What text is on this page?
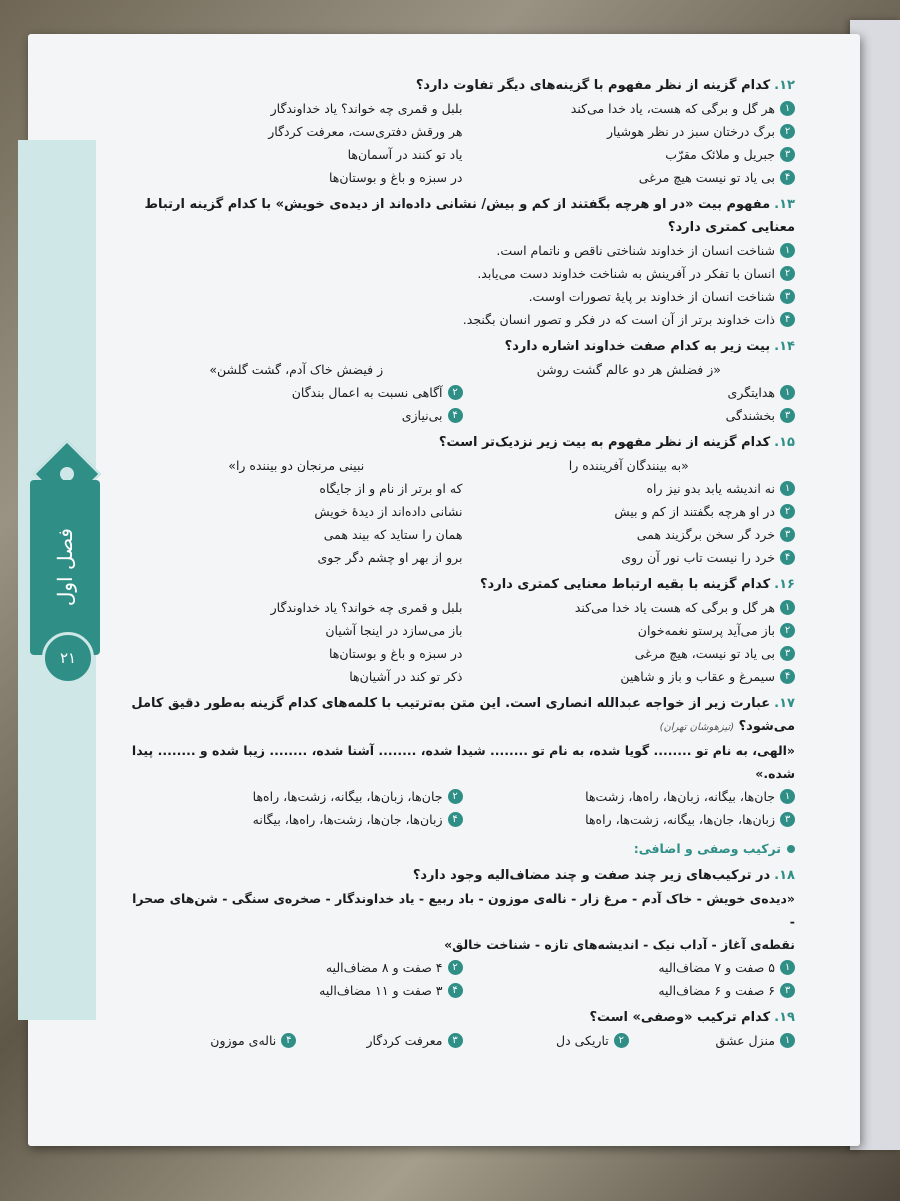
فصل اول
۲۱
۱۲.کدام گزینه از نظر مفهوم با گزینه‌های دیگر تفاوت دارد؟
۱
هر گل و برگی که هست، یاد خدا می‌کند
بلبل و قمری چه خواند؟ یاد خداوندگار
۲
برگ درختان سبز در نظر هوشیار
هر ورقش دفتری‌ست، معرفت کردگار
۳
جبریل و ملائک مقرّب
یاد تو کنند در آسمان‌ها
۴
بی یاد تو نیست هیچ مرغی
در سبزه و باغ و بوستان‌ها
۱۳.مفهوم بیت «در او هرچه بگفتند از کم و بیش/ نشانی داده‌اند از دیده‌ی خویش» با کدام گزینه ارتباط معنایی کمتری دارد؟
۱
شناخت انسان از خداوند شناختی ناقص و ناتمام است.
۲
انسان با تفکر در آفرینش به شناخت خداوند دست می‌یابد.
۳
شناخت انسان از خداوند بر پایهٔ تصورات اوست.
۴
ذات خداوند برتر از آن است که در فکر و تصور انسان بگنجد.
۱۴.بیت زیر به کدام صفت خداوند اشاره دارد؟
«ز فضلش هر دو عالم گشت روشن
ز فیضش خاک آدم، گشت گلشن»
۱
هدایتگری
۲
آگاهی نسبت به اعمال بندگان
۳
بخشندگی
۴
بی‌نیازی
۱۵.کدام گزینه از نظر مفهوم به بیت زیر نزدیک‌تر است؟
«به بینندگان آفریننده را
نبینی مرنجان دو بیننده را»
۱
نه اندیشه یابد بدو نیز راه
که او برتر از نام و از جایگاه
۲
در او هرچه بگفتند از کم و بیش
نشانی داده‌اند از دیدهٔ خویش
۳
خرد گر سخن برگزیند همی
همان را ستاید که بیند همی
۴
خرد را نیست تاب نور آن روی
برو از بهر او چشم دگر جوی
۱۶.کدام گزینه با بقیه ارتباط معنایی کمتری دارد؟
۱
هر گل و برگی که هست یاد خدا می‌کند
بلبل و قمری چه خواند؟ یاد خداوندگار
۲
باز می‌آید پرستو نغمه‌خوان
باز می‌سازد در اینجا آشیان
۳
بی یاد تو نیست، هیچ مرغی
در سبزه و باغ و بوستان‌ها
۴
سیمرغ و عقاب و باز و شاهین
ذکر تو کند در آشیان‌ها
۱۷.عبارت زیر از خواجه عبدالله انصاری است. این متن به‌ترتیب با کلمه‌های کدام گزینه به‌طور دقیق کامل می‌شود؟ (تیزهوشان تهران)
«الهی، به نام تو ........ گویا شده، به نام تو ........ شیدا شده، ........ آشنا شده، ........ زیبا شده و ........ پیدا شده.»
۱
جان‌ها، بیگانه، زبان‌ها، راه‌ها، زشت‌ها
۲
جان‌ها، زبان‌ها، بیگانه، زشت‌ها، راه‌ها
۳
زبان‌ها، جان‌ها، بیگانه، زشت‌ها، راه‌ها
۴
زبان‌ها، جان‌ها، زشت‌ها، راه‌ها، بیگانه
ترکیب وصفی و اضافی:
۱۸.در ترکیب‌های زیر چند صفت و چند مضاف‌الیه وجود دارد؟
«دیده‌ی خویش - خاک آدم - مرغ زار - ناله‌ی موزون - باد ربیع - یاد خداوندگار - صخره‌ی سنگی - شن‌های صحرا -
نقطه‌ی آغاز - آداب نیک - اندیشه‌های تازه - شناخت خالق»
۱
۵ صفت و ۷ مضاف‌الیه
۲
۴ صفت و ۸ مضاف‌الیه
۳
۶ صفت و ۶ مضاف‌الیه
۴
۳ صفت و ۱۱ مضاف‌الیه
۱۹.کدام ترکیب «وصفی» است؟
۱
منزل عشق
۲
تاریکی دل
۳
معرفت کردگار
۴
ناله‌ی موزون
